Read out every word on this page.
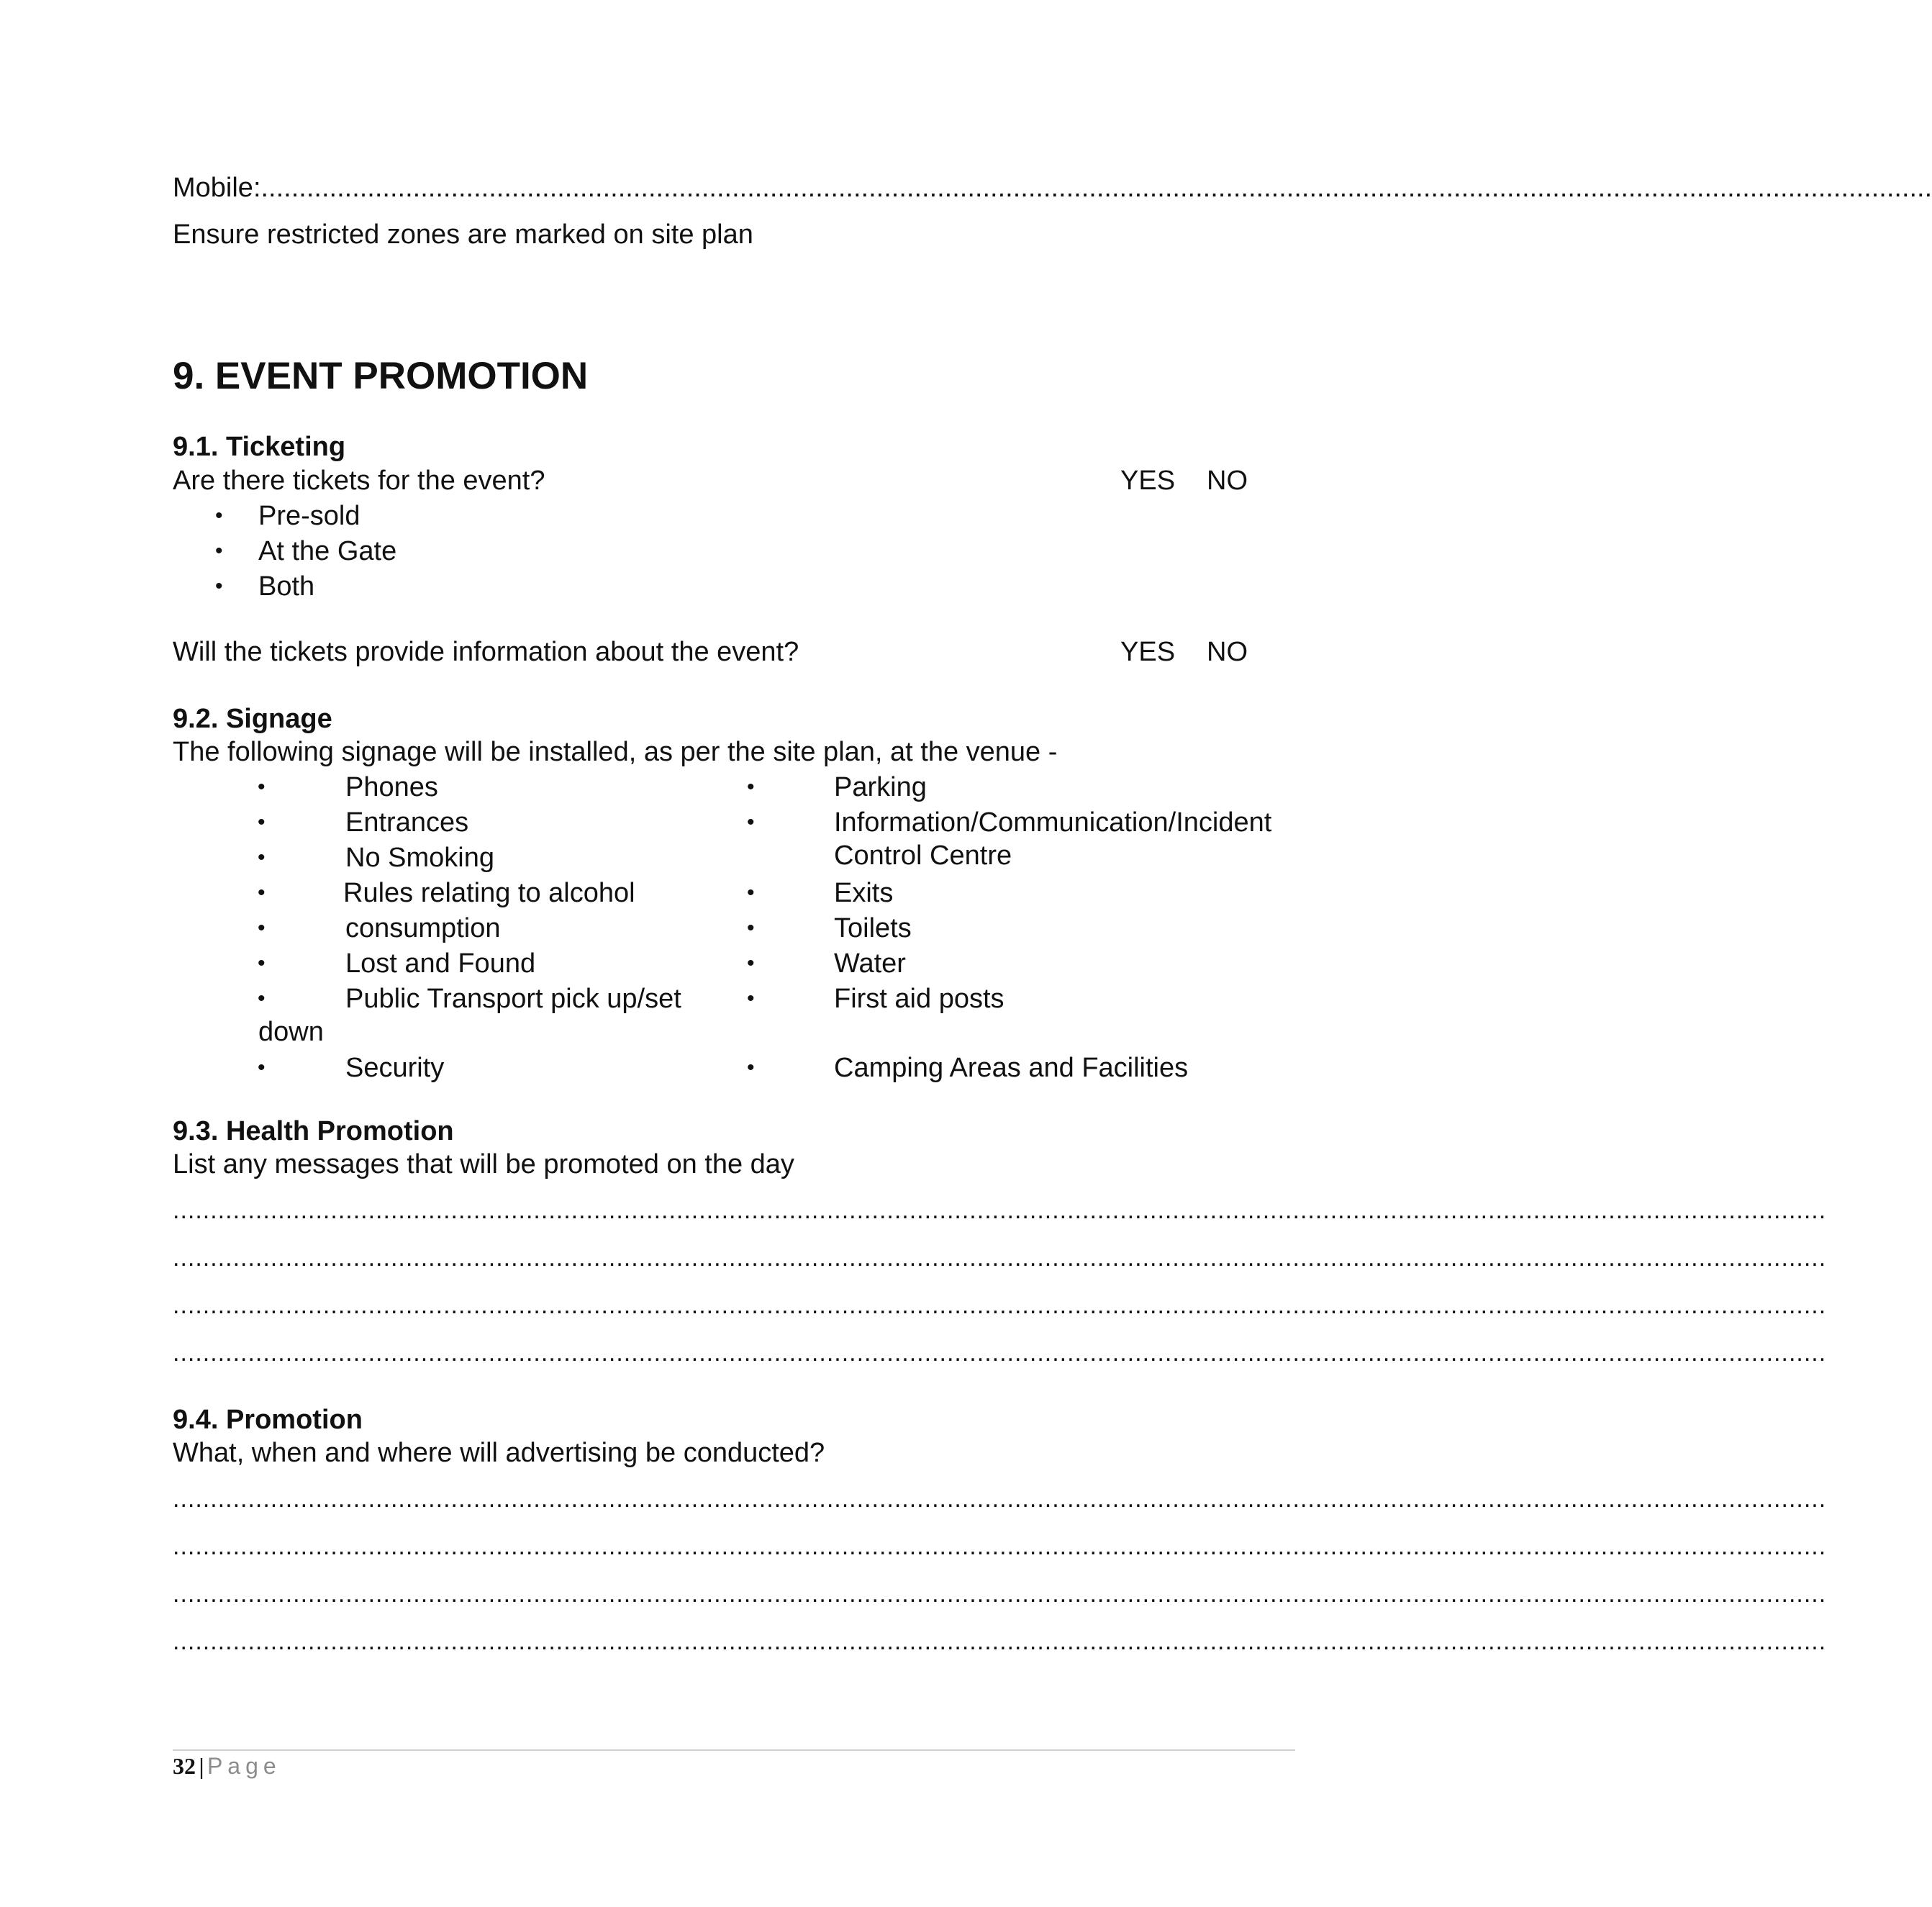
Mobile:............................................................................................................................................................................................................................
Ensure restricted zones are marked on site plan
9. EVENT PROMOTION
9.1. Ticketing
Are there tickets for the event?	YES NO
• Pre-sold
• At the Gate
• Both
Will the tickets provide information about the event?	YES NO
9.2. Signage
The following signage will be installed, as per the site plan, at the venue -
•	Phones
•	Entrances
•	No Smoking
•	Rules relating to alcohol
•	consumption
•	Lost and Found
•	Public Transport pick up/set
down
•	Security
•	Parking
•	Information/Communication/Incident
Control Centre
•	Exits
•	Toilets
•	Water
•	First aid posts
•	Camping Areas and Facilities
9.3. Health Promotion
List any messages that will be promoted on the day
............................................................................................................................................................................................................................
............................................................................................................................................................................................................................
............................................................................................................................................................................................................................
............................................................................................................................................................................................................................
9.4. Promotion
What, when and where will advertising be conducted?
............................................................................................................................................................................................................................
............................................................................................................................................................................................................................
............................................................................................................................................................................................................................
............................................................................................................................................................................................................................
32 | Page
